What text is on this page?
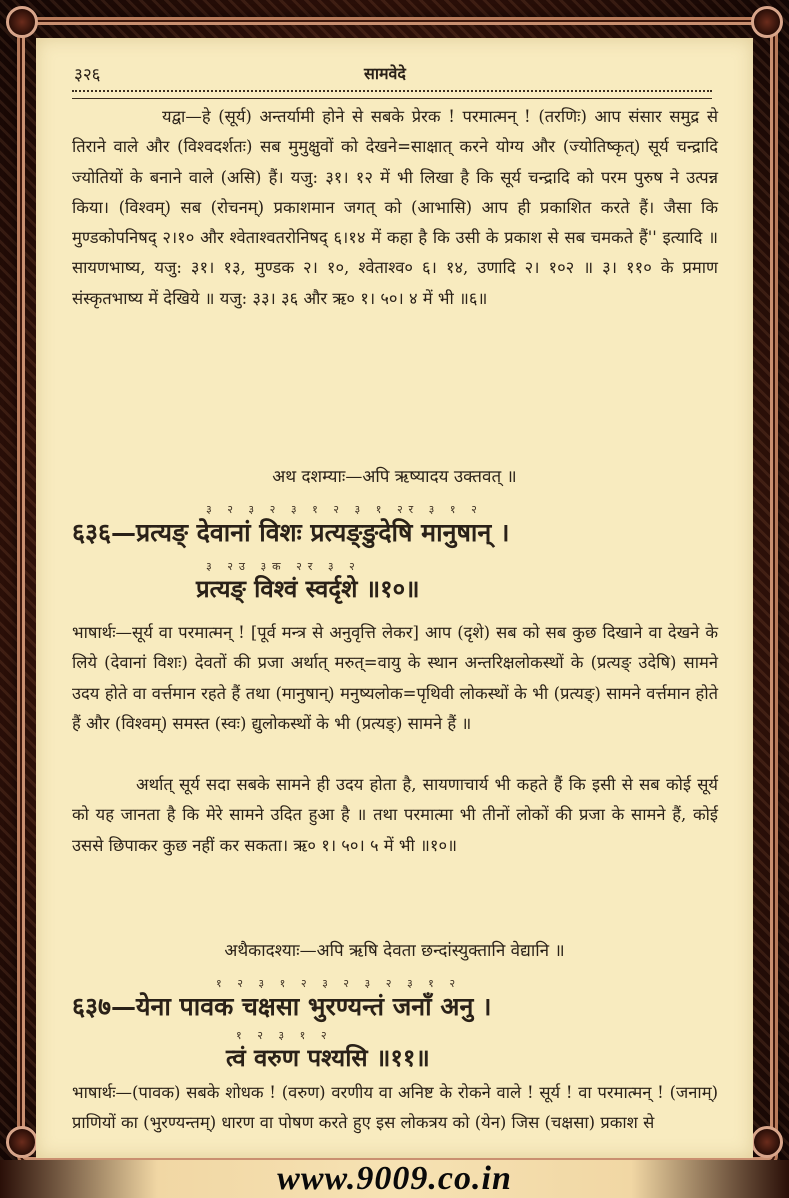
३२६	सामवेदे
यद्वा—हे (सूर्य) अन्तर्यामी होने से सबके प्रेरक ! परमात्मन् ! (तरणिः) आप संसार समुद्र से तिराने वाले और (विश्वदर्शतः) सब मुमुक्षुवों को देखने=साक्षात् करने योग्य और (ज्योतिष्कृत्) सूर्य चन्द्रादि ज्योतियों के बनाने वाले (असि) हैं। यजु: ३१। १२ में भी लिखा है कि सूर्य चन्द्रादि को परम पुरुष ने उत्पन्न किया। (विश्वम्) सब (रोचनम्) प्रकाशमान जगत् को (आभासि) आप ही प्रकाशित करते हैं। जैसा कि मुण्डकोपनिषद् २।१० और श्वेताश्वतरोनिषद् ६।१४ में कहा है कि उसी के प्रकाश से सब चमकते हैं'' इत्यादि ॥ सायणभाष्य, यजु: ३१। १३, मुण्डक २। १०, श्वेताश्व० ६। १४, उणादि २। १०२ ॥ ३। ११० के प्रमाण संस्कृतभाष्य में देखिये ॥ यजु: ३३। ३६ और ऋ० १। ५०। ४ में भी ॥६॥
अथ दशम्याः—अपि ऋष्यादय उक्तवत् ॥
३ २ ३ २ ३ १ २ ३ १ २र ३ १ २
६३६—प्रत्यङ् देवानां विशः प्रत्यङ्ङुदेषि मानुषान् ।
३ २उ ३क २र ३ २
प्रत्यङ् विश्वं स्वर्दृशे ॥१०॥
भाषार्थः—सूर्य वा परमात्मन् ! [पूर्व मन्त्र से अनुवृत्ति लेकर] आप (दृशे) सब को सब कुछ दिखाने वा देखने के लिये (देवानां विशः) देवतों की प्रजा अर्थात् मरुत्=वायु के स्थान अन्तरिक्षलोकस्थों के (प्रत्यङ् उदेषि) सामने उदय होते वा वर्त्तमान रहते हैं तथा (मानुषान्) मनुष्यलोक=पृथिवी लोकस्थों के भी (प्रत्यङ्) सामने वर्त्तमान होते हैं और (विश्वम्) समस्त (स्वः) द्युलोकस्थों के भी (प्रत्यङ्) सामने हैं ॥
अर्थात् सूर्य सदा सबके सामने ही उदय होता है, सायणाचार्य भी कहते हैं कि इसी से सब कोई सूर्य को यह जानता है कि मेरे सामने उदित हुआ है ॥ तथा परमात्मा भी तीनों लोकों की प्रजा के सामने हैं, कोई उससे छिपाकर कुछ नहीं कर सकता। ऋ० १। ५०। ५ में भी ॥१०॥
अथैकादश्याः—अपि ऋषि देवता छन्दांस्युक्तानि वेद्यानि ॥
१ २ ३ १ २ ३ २ ३ २ ३ १ २
६३७—येना पावक चक्षसा भुरण्यन्तं जनाँ अनु ।
१ २ ३ १ २
त्वं वरुण पश्यसि ॥११॥
भाषार्थः—(पावक) सबके शोधक ! (वरुण) वरणीय वा अनिष्ट के रोकने वाले ! सूर्य ! वा परमात्मन् ! (जनाम्) प्राणियों का (भुरण्यन्तम्) धारण वा पोषण करते हुए इस लोकत्रय को (येन) जिस (चक्षसा) प्रकाश से
www.9009.co.in
